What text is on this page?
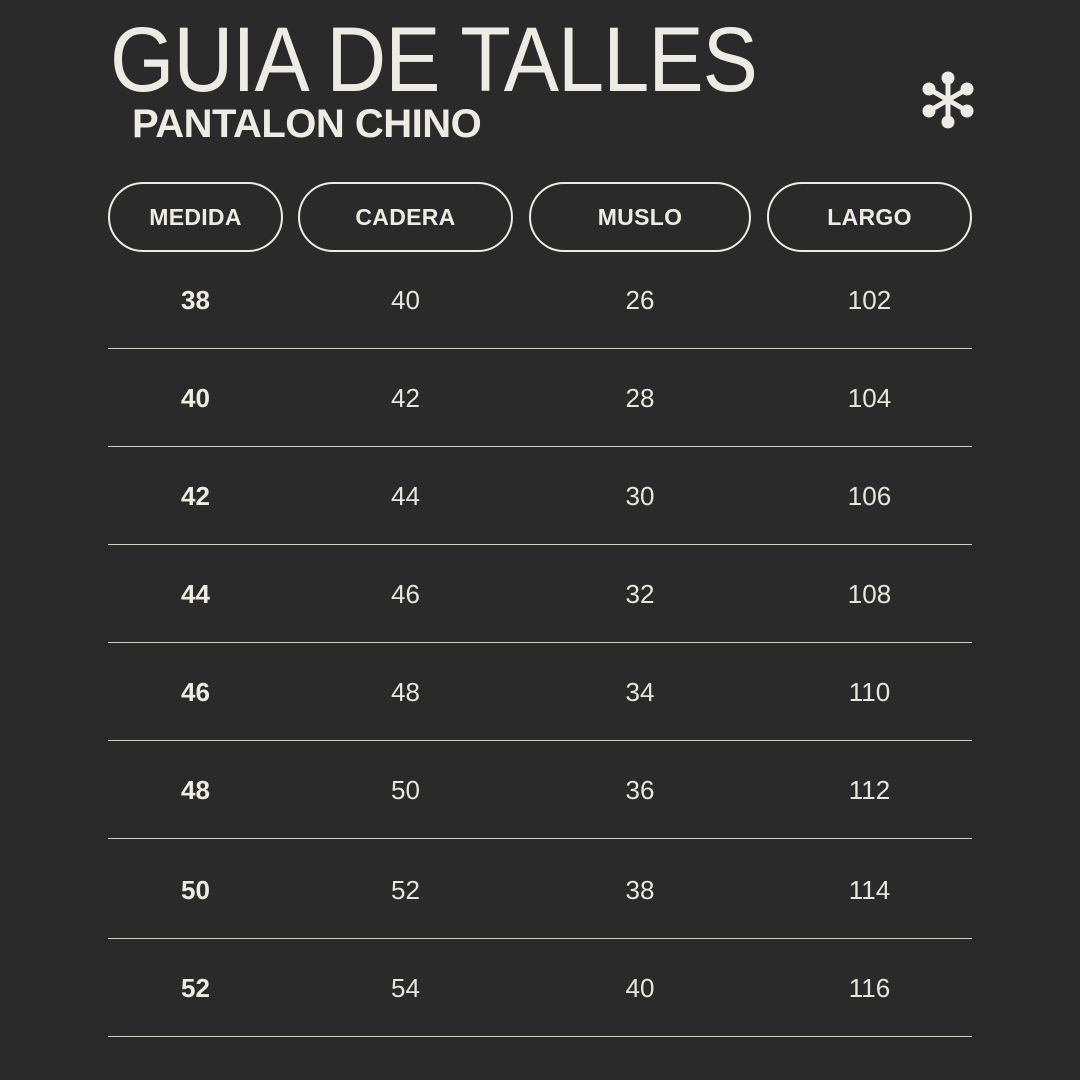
GUIA DE TALLES
PANTALON CHINO
MEDIDA	CADERA	MUSLO	LARGO
38	40	26	102
40	42	28	104
42	44	30	106
44	46	32	108
46	48	34	110
48	50	36	112
50	52	38	114
52	54	40	116
